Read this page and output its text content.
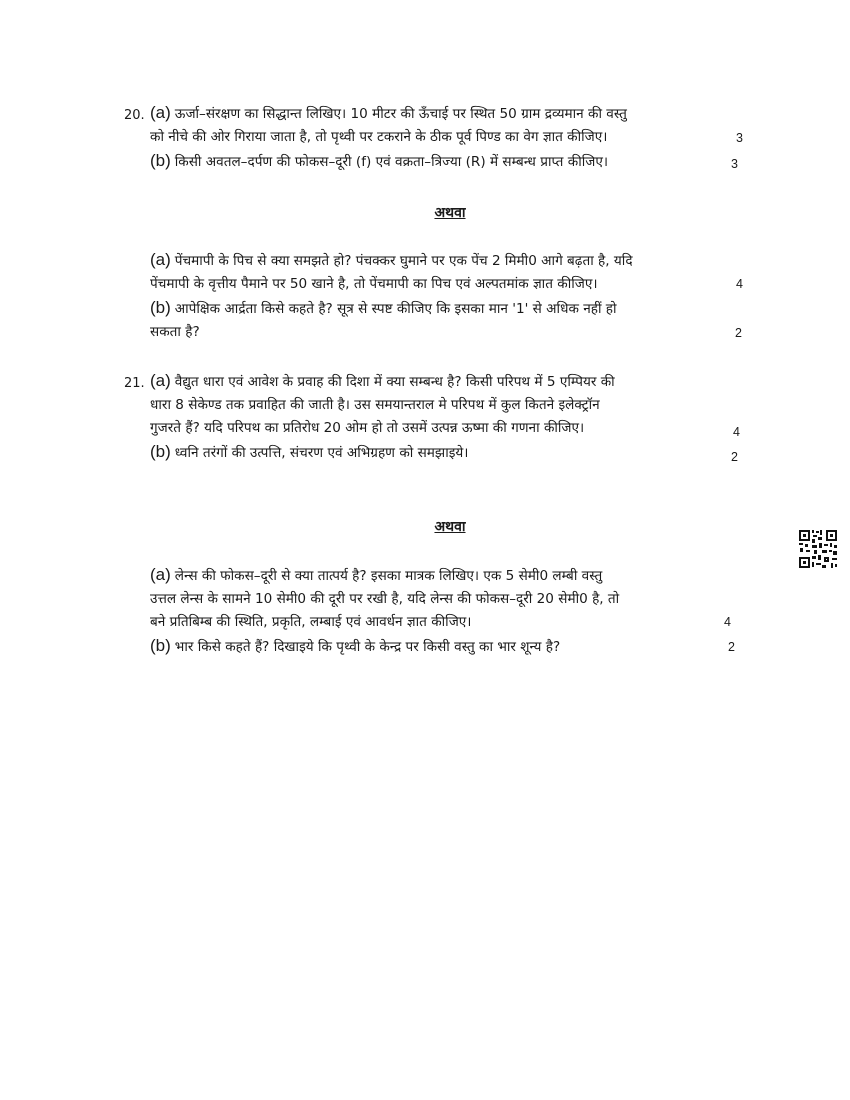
20. (a) ऊर्जा–संरक्षण का सिद्धान्त लिखिए। 10 मीटर की ऊँचाई पर स्थित 50 ग्राम द्रव्यमान की वस्तु
को नीचे की ओर गिराया जाता है, तो पृथ्वी पर टकराने के ठीक पूर्व पिण्ड का वेग ज्ञात कीजिए।
(b) किसी अवतल–दर्पण की फोकस–दूरी (f) एवं वक्रता–त्रिज्या (R) में सम्बन्ध प्राप्त कीजिए।
3
3
अथवा
(a) पेंचमापी के पिच से क्या समझते हो? पंचक्कर घुमाने पर एक पेंच 2 मिमी0 आगे बढ़ता है, यदि
पेंचमापी के वृत्तीय पैमाने पर 50 खाने है, तो पेंचमापी का पिच एवं अल्पतमांक ज्ञात कीजिए।
(b) आपेक्षिक आर्द्रता किसे कहते है? सूत्र से स्पष्ट कीजिए कि इसका मान '1' से अधिक नहीं हो
सकता है?
4
2
21. (a) वैद्युत धारा एवं आवेश के प्रवाह की दिशा में क्या सम्बन्ध है? किसी परिपथ में 5 एम्पियर की
धारा 8 सेकेण्ड तक प्रवाहित की जाती है। उस समयान्तराल मे परिपथ में कुल कितने इलेक्ट्रॉन
गुजरते हैं? यदि परिपथ का प्रतिरोध 20 ओम हो तो उसमें उत्पन्न ऊष्मा की गणना कीजिए।
(b) ध्वनि तरंगों की उत्पत्ति, संचरण एवं अभिग्रहण को समझाइये।
4
2
अथवा
(a) लेन्स की फोकस–दूरी से क्या तात्पर्य है? इसका मात्रक लिखिए। एक 5 सेमी0 लम्बी वस्तु
उत्तल लेन्स के सामने 10 सेमी0 की दूरी पर रखी है, यदि लेन्स की फोकस–दूरी 20 सेमी0 है, तो
बने प्रतिबिम्ब की स्थिति, प्रकृति, लम्बाई एवं आवर्धन ज्ञात कीजिए।
(b) भार किसे कहते हैं? दिखाइये कि पृथ्वी के केन्द्र पर किसी वस्तु का भार शून्य है?
4
2
